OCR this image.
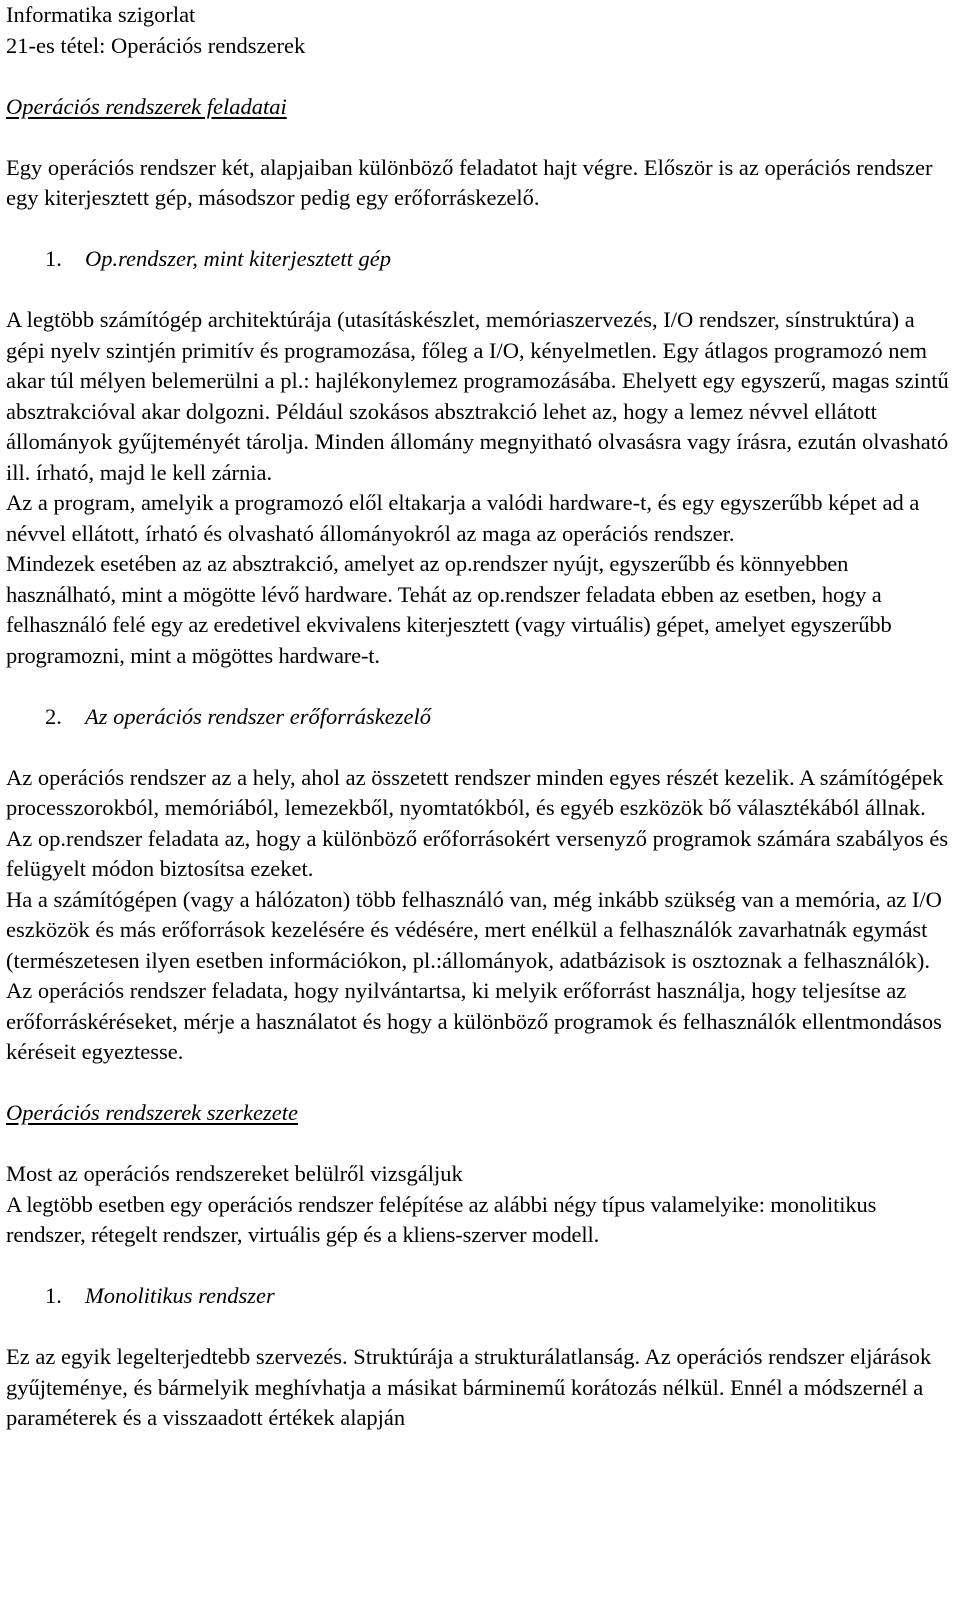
Informatika szigorlat

21-es tétel: Operációs rendszerek

Operációs rendszerek feladatai

Egy operációs rendszer két, alapjaiban különböző feladatot hajt végre. Először is az operációs rendszer egy kiterjesztett gép, másodszor pedig egy erőforráskezelő.

1. Op.rendszer, mint kiterjesztett gép

A legtöbb számítógép architektúrája (utasításkészlet, memóriaszervezés, I/O rendszer, sínstruktúra) a gépi nyelv szintjén primitív és programozása, főleg a I/O, kényelmetlen. Egy átlagos programozó nem akar túl mélyen belemerülni a pl.: hajlékonylemez programozásába. Ehelyett egy egyszerű, magas szintű absztrakcióval akar dolgozni. Például szokásos absztrakció lehet az, hogy a lemez névvel ellátott állományok gyűjteményét tárolja. Minden állomány megnyitható olvasásra vagy írásra, ezután olvasható ill. írható, majd le kell zárnia.

Az a program, amelyik a programozó elől eltakarja a valódi hardware-t, és egy egyszerűbb képet ad a névvel ellátott, írható és olvasható állományokról az maga az operációs rendszer.

Mindezek esetében az az absztrakció, amelyet az op.rendszer nyújt, egyszerűbb és könnyebben használható, mint a mögötte lévő hardware. Tehát az op.rendszer feladata ebben az esetben, hogy a felhasználó felé egy az eredetivel ekvivalens kiterjesztett (vagy virtuális) gépet, amelyet egyszerűbb programozni, mint a mögöttes hardware-t.

2. Az operációs rendszer erőforráskezelő

Az operációs rendszer az a hely, ahol az összetett rendszer minden egyes részét kezelik. A számítógépek processzorokból, memóriából, lemezekből, nyomtatókból, és egyéb eszközök bő választékából állnak. Az op.rendszer feladata az, hogy a különböző erőforrásokért versenyző programok számára szabályos és felügyelt módon biztosítsa ezeket.

Ha a számítógépen (vagy a hálózaton) több felhasználó van, még inkább szükség van a memória, az I/O eszközök és más erőforrások kezelésére és védésére, mert enélkül a felhasználók zavarhatnák egymást (természetesen ilyen esetben információkon, pl.:állományok, adatbázisok is osztoznak a felhasználók). Az operációs rendszer feladata, hogy nyilvántartsa, ki melyik erőforrást használja, hogy teljesítse az erőforráskéréseket, mérje a használatot és hogy a különböző programok és felhasználók ellentmondásos kéréseit egyeztesse.

Operációs rendszerek szerkezete

Most az operációs rendszereket belülről vizsgáljuk

A legtöbb esetben egy operációs rendszer felépítése az alábbi négy típus valamelyike: monolitikus rendszer, rétegelt rendszer, virtuális gép és a kliens-szerver modell.

1. Monolitikus rendszer

Ez az egyik legelterjedtebb szervezés. Struktúrája a strukturálatlanság. Az operációs rendszer eljárások gyűjteménye, és bármelyik meghívhatja a másikat bárminemű korátozás nélkül. Ennél a módszernél a paraméterek és a visszaadott értékek alapján
